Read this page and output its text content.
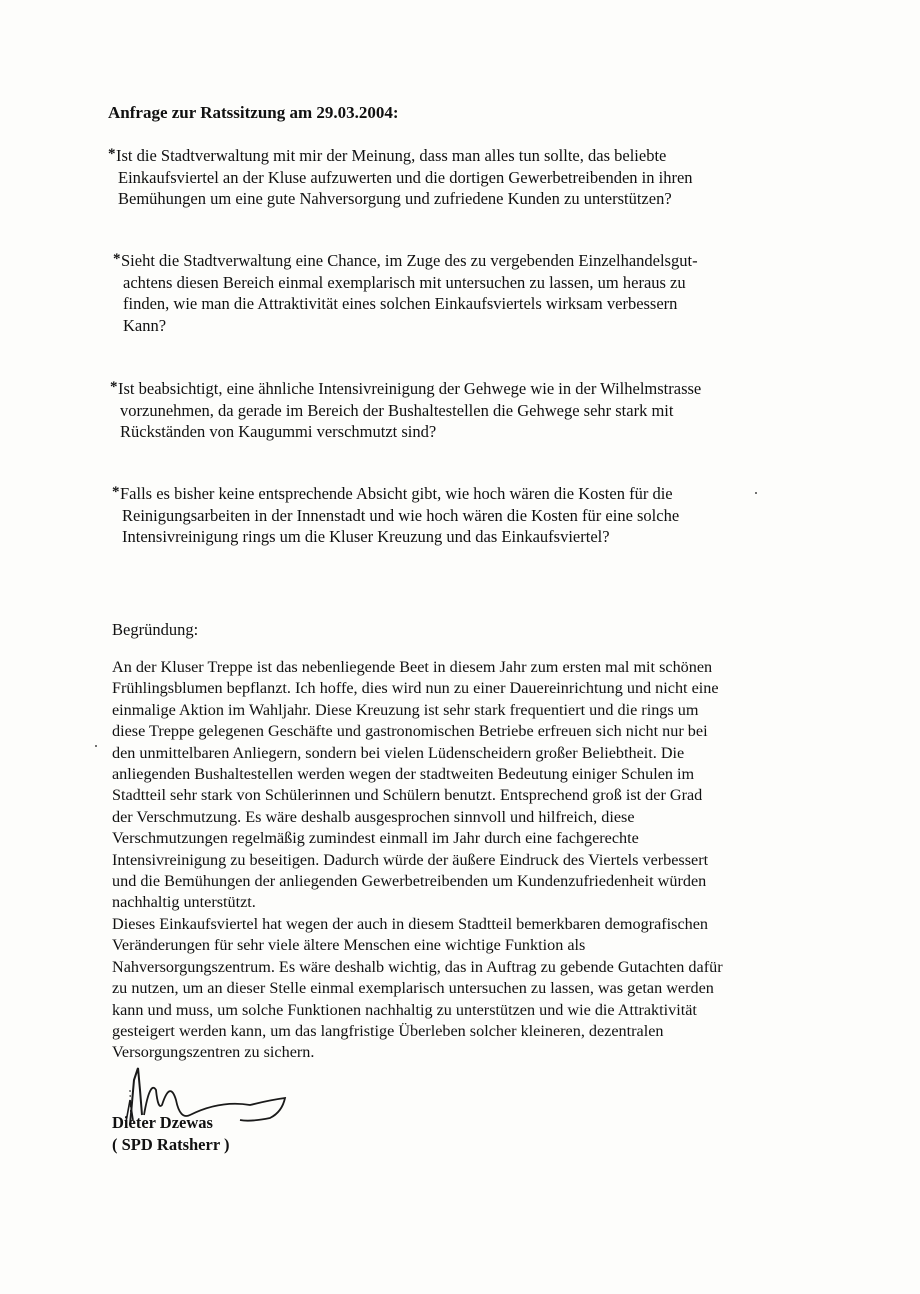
Anfrage zur Ratssitzung am 29.03.2004:
*Ist die Stadtverwaltung mit mir der Meinung, dass man alles tun sollte, das beliebte
Einkaufsviertel an der Kluse aufzuwerten und die dortigen Gewerbetreibenden in ihren
Bemühungen um eine gute Nahversorgung und zufriedene Kunden zu unterstützen?
*Sieht die Stadtverwaltung eine Chance, im Zuge des zu vergebenden Einzelhandelsgut-
achtens diesen Bereich einmal exemplarisch mit untersuchen zu lassen, um heraus zu
finden, wie man die Attraktivität eines solchen Einkaufsviertels wirksam verbessern
Kann?
*Ist beabsichtigt, eine ähnliche Intensivreinigung der Gehwege wie in der Wilhelmstrasse
vorzunehmen, da gerade im Bereich der Bushaltestellen die Gehwege sehr stark mit
Rückständen von Kaugummi verschmutzt sind?
*Falls es bisher keine entsprechende Absicht gibt, wie hoch wären die Kosten für die
Reinigungsarbeiten in der Innenstadt und wie hoch wären die Kosten für eine solche
Intensivreinigung rings um die Kluser Kreuzung und das Einkaufsviertel?
Begründung:
An der Kluser Treppe ist das nebenliegende Beet in diesem Jahr zum ersten mal mit schönen
Frühlingsblumen bepflanzt. Ich hoffe, dies wird nun zu einer Dauereinrichtung und nicht eine
einmalige Aktion im Wahljahr. Diese Kreuzung ist sehr stark frequentiert und die rings um
diese Treppe gelegenen Geschäfte und gastronomischen Betriebe erfreuen sich nicht nur bei
den unmittelbaren Anliegern, sondern bei vielen Lüdenscheidern großer Beliebtheit. Die
anliegenden Bushaltestellen werden wegen der stadtweiten Bedeutung einiger Schulen im
Stadtteil sehr stark von Schülerinnen und Schülern benutzt. Entsprechend groß ist der Grad
der Verschmutzung. Es wäre deshalb ausgesprochen sinnvoll und hilfreich, diese
Verschmutzungen regelmäßig zumindest einmall im Jahr durch eine fachgerechte
Intensivreinigung zu beseitigen. Dadurch würde der äußere Eindruck des Viertels verbessert
und die Bemühungen der anliegenden Gewerbetreibenden um Kundenzufriedenheit würden
nachhaltig unterstützt.
Dieses Einkaufsviertel hat wegen der auch in diesem Stadtteil bemerkbaren demografischen
Veränderungen für sehr viele ältere Menschen eine wichtige Funktion als
Nahversorgungszentrum. Es wäre deshalb wichtig, das in Auftrag zu gebende Gutachten dafür
zu nutzen, um an dieser Stelle einmal exemplarisch untersuchen zu lassen, was getan werden
kann und muss, um solche Funktionen nachhaltig zu unterstützen und wie die Attraktivität
gesteigert werden kann, um das langfristige Überleben solcher kleineren, dezentralen
Versorgungszentren zu sichern.
Dieter Dzewas
( SPD Ratsherr )
